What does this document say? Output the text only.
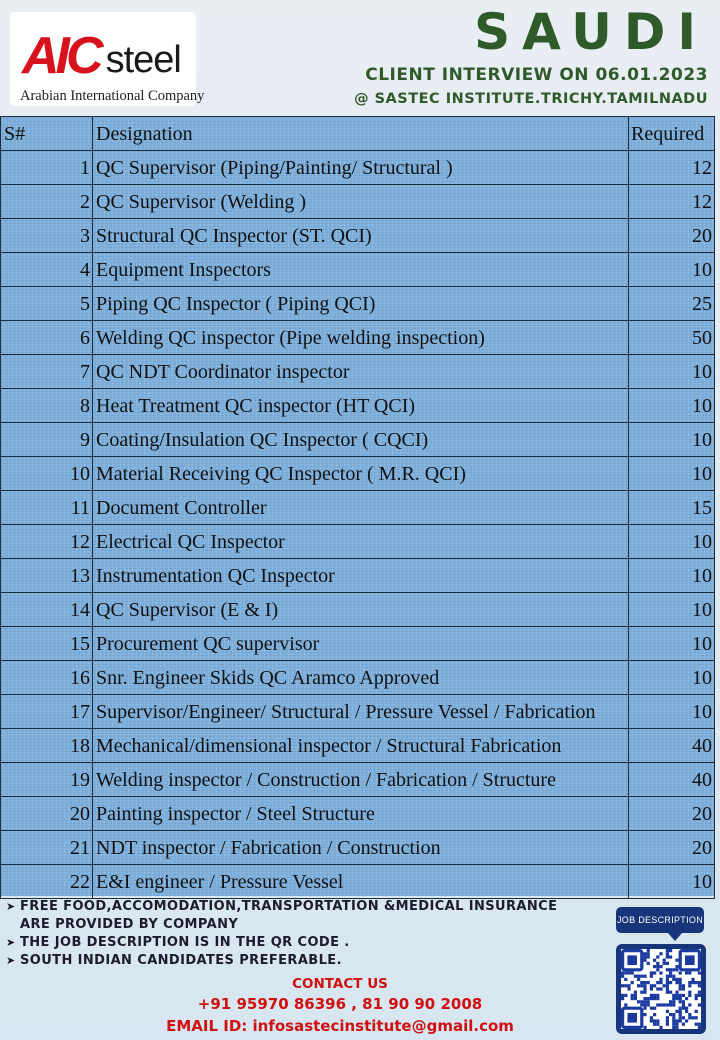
AIC steel
Arabian International Company
SAUDI
CLIENT INTERVIEW ON 06.01.2023
@ SASTEC INSTITUTE.TRICHY.TAMILNADU
S#	Designation	Required
1	QC Supervisor (Piping/Painting/ Structural )	12
2	QC Supervisor (Welding )	12
3	Structural QC Inspector (ST. QCI)	20
4	Equipment Inspectors	10
5	Piping QC Inspector ( Piping QCI)	25
6	Welding QC inspector (Pipe welding inspection)	50
7	QC NDT Coordinator inspector	10
8	Heat Treatment QC inspector (HT QCI)	10
9	Coating/Insulation QC Inspector ( CQCI)	10
10	Material Receiving QC Inspector ( M.R. QCI)	10
11	Document Controller	15
12	Electrical QC Inspector	10
13	Instrumentation QC Inspector	10
14	QC Supervisor (E & I)	10
15	Procurement QC supervisor	10
16	Snr. Engineer Skids QC Aramco Approved	10
17	Supervisor/Engineer/ Structural / Pressure Vessel / Fabrication	10
18	Mechanical/dimensional inspector / Structural Fabrication	40
19	Welding inspector / Construction / Fabrication / Structure	40
20	Painting inspector / Steel Structure	20
21	NDT inspector / Fabrication / Construction	20
22	E&I engineer / Pressure Vessel	10
➤ FREE FOOD,ACCOMODATION,TRANSPORTATION &MEDICAL INSURANCE
ARE PROVIDED BY COMPANY
➤ THE JOB DESCRIPTION IS IN THE QR CODE .
➤ SOUTH INDIAN CANDIDATES PREFERABLE.
CONTACT US
+91 95970 86396 , 81 90 90 2008
EMAIL ID: infosastecinstitute@gmail.com
JOB DESCRIPTION
